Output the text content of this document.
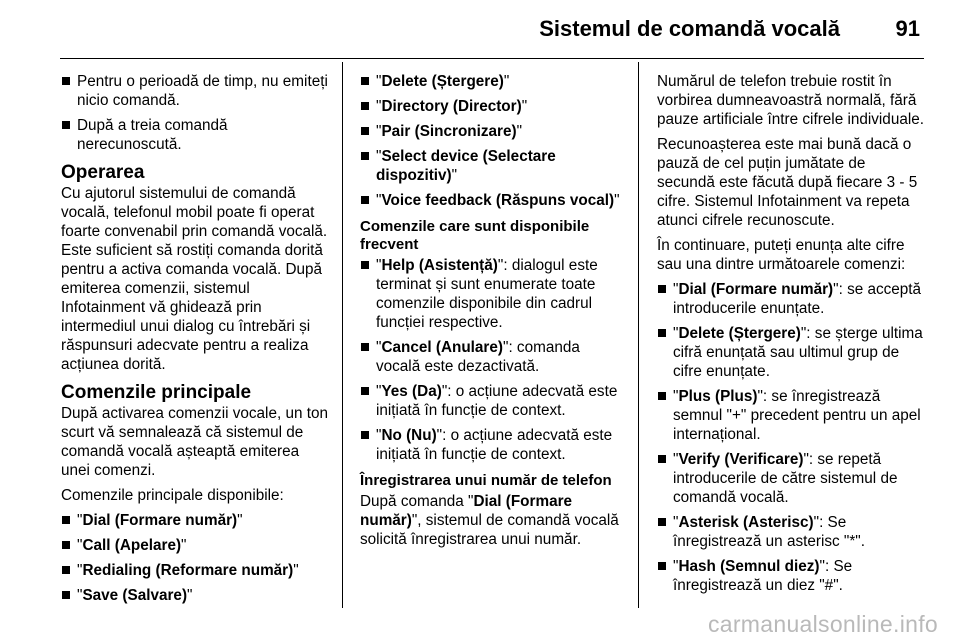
Sistemul de comandă vocală	91
Pentru o perioadă de timp, nu emiteți nicio comandă.
După a treia comandă nerecunoscută.
Operarea

Cu ajutorul sistemului de comandă vocală, telefonul mobil poate fi operat foarte convenabil prin comandă vocală. Este suficient să rostiți comanda dorită pentru a activa comanda vocală. După emiterea comenzii, sistemul Infotainment vă ghidează prin intermediul unui dialog cu întrebări și răspunsuri adecvate pentru a realiza acțiunea dorită.

Comenzile principale

După activarea comenzii vocale, un ton scurt vă semnalează că sistemul de comandă vocală așteaptă emiterea unei comenzi.

Comenzile principale disponibile:

"Dial (Formare număr)"
"Call (Apelare)"
"Redialing (Reformare număr)"
"Save (Salvare)"
"Delete (Ștergere)"
"Directory (Director)"
"Pair (Sincronizare)"
"Select device (Selectare dispozitiv)"
"Voice feedback (Răspuns vocal)"
Comenzile care sunt disponibile frecvent
"Help (Asistență)": dialogul este terminat și sunt enumerate toate comenzile disponibile din cadrul funcției respective.
"Cancel (Anulare)": comanda vocală este dezactivată.
"Yes (Da)": o acțiune adecvată este inițiată în funcție de context.
"No (Nu)": o acțiune adecvată este inițiată în funcție de context.
Înregistrarea unui număr de telefon

După comanda "Dial (Formare număr)", sistemul de comandă vocală solicită înregistrarea unui număr.

Numărul de telefon trebuie rostit în vorbirea dumneavoastră normală, fără pauze artificiale între cifrele individuale.

Recunoașterea este mai bună dacă o pauză de cel puțin jumătate de secundă este făcută după fiecare 3 - 5 cifre. Sistemul Infotainment va repeta atunci cifrele recunoscute.

În continuare, puteți enunța alte cifre sau una dintre următoarele comenzi:

"Dial (Formare număr)": se acceptă introducerile enunțate.
"Delete (Ștergere)": se șterge ultima cifră enunțată sau ultimul grup de cifre enunțate.
"Plus (Plus)": se înregistrează semnul "+" precedent pentru un apel internațional.
"Verify (Verificare)": se repetă introducerile de către sistemul de comandă vocală.
"Asterisk (Asterisc)": Se înregistrează un asterisc "*".
"Hash (Semnul diez)": Se înregistrează un diez "#".
carmanualsonline.info
